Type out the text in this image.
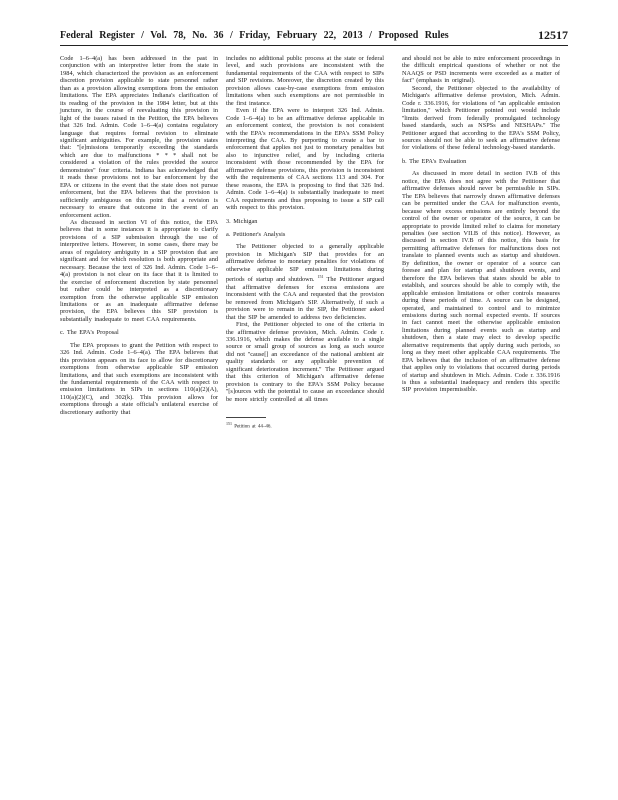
Federal Register / Vol. 78, No. 36 / Friday, February 22, 2013 / Proposed Rules	12517

Code 1–6–4(a) has been addressed in the past in conjunction with an interpretive letter from the state in 1984, which characterized the provision as an enforcement discretion provision applicable to state personnel rather than as a provision allowing exemptions from the emission limitations. The EPA appreciates Indiana's clarification of its reading of the provision in the 1984 letter, but at this juncture, in the course of reevaluating this provision in light of the issues raised in the Petition, the EPA believes that 326 Ind. Admin. Code 1–6–4(a) contains regulatory language that requires formal revision to eliminate significant ambiguities. For example, the provision states that: ''[e]missions temporarily exceeding the standards which are due to malfunctions * * * shall not be considered a violation of the rules provided the source demonstrates'' four criteria. Indiana has acknowledged that it reads these provisions not to bar enforcement by the EPA or citizens in the event that the state does not pursue enforcement, but the EPA believes that the provision is sufficiently ambiguous on this point that a revision is necessary to ensure that outcome in the event of an enforcement action.

As discussed in section VI of this notice, the EPA believes that in some instances it is appropriate to clarify provisions of a SIP submission through the use of interpretive letters. However, in some cases, there may be areas of regulatory ambiguity in a SIP provision that are significant and for which resolution is both appropriate and necessary. Because the text of 326 Ind. Admin. Code 1–6–4(a) provision is not clear on its face that it is limited to the exercise of enforcement discretion by state personnel but rather could be interpreted as a discretionary exemption from the otherwise applicable SIP emission limitations or as an inadequate affirmative defense provision, the EPA believes this SIP provision is substantially inadequate to meet CAA requirements.

c. The EPA's Proposal

The EPA proposes to grant the Petition with respect to 326 Ind. Admin. Code 1–6–4(a). The EPA believes that this provision appears on its face to allow for discretionary exemptions from otherwise applicable SIP emission limitations, and that such exemptions are inconsistent with the fundamental requirements of the CAA with respect to emission limitations in SIPs in sections 110(a)(2)(A), 110(a)(2)(C), and 302(k). This provision allows for exemptions through a state official's unilateral exercise of discretionary authority that

includes no additional public process at the state or federal level, and such provisions are inconsistent with the fundamental requirements of the CAA with respect to SIPs and SIP revisions. Moreover, the discretion created by this provision allows case-by-case exemptions from emission limitations when such exemptions are not permissible in the first instance.

Even if the EPA were to interpret 326 Ind. Admin. Code 1–6–4(a) to be an affirmative defense applicable in an enforcement context, the provision is not consistent with the EPA's recommendations in the EPA's SSM Policy interpreting the CAA. By purporting to create a bar to enforcement that applies not just to monetary penalties but also to injunctive relief, and by including criteria inconsistent with those recommended by the EPA for affirmative defense provisions, this provision is inconsistent with the requirements of CAA sections 113 and 304. For these reasons, the EPA is proposing to find that 326 Ind. Admin. Code 1–6–4(a) is substantially inadequate to meet CAA requirements and thus proposing to issue a SIP call with respect to this provision.

3. Michigan

a. Petitioner's Analysis

The Petitioner objected to a generally applicable provision in Michigan's SIP that provides for an affirmative defense to monetary penalties for violations of otherwise applicable SIP emission limitations during periods of startup and shutdown. $^{151}$ The Petitioner argued that affirmative defenses for excess emissions are inconsistent with the CAA and requested that the provision be removed from Michigan's SIP. Alternatively, if such a provision were to remain in the SIP, the Petitioner asked that the SIP be amended to address two deficiencies.

First, the Petitioner objected to one of the criteria in the affirmative defense provision, Mich. Admin. Code r. 336.1916, which makes the defense available to a single source or small group of sources as long as such source did not ''cause[] an exceedance of the national ambient air quality standards or any applicable prevention of significant deterioration increment.'' The Petitioner argued that this criterion of Michigan's affirmative defense provision is contrary to the EPA's SSM Policy because ''[s]ources with the potential to cause an exceedance should be more strictly controlled at all times

$^{151}$ Petition at 44–46.

and should not be able to mire enforcement proceedings in the difficult empirical questions of whether or not the NAAQS or PSD increments were exceeded as a matter of fact'' (emphasis in original).

Second, the Petitioner objected to the availability of Michigan's affirmative defense provision, Mich. Admin. Code r. 336.1916, for violations of ''an applicable emission limitation,'' which Petitioner pointed out would include ''limits derived from federally promulgated technology based standards, such as NSPSs and NESHAPs.'' The Petitioner argued that according to the EPA's SSM Policy, sources should not be able to seek an affirmative defense for violations of these federal technology-based standards.

b. The EPA's Evaluation

As discussed in more detail in section IV.B of this notice, the EPA does not agree with the Petitioner that affirmative defenses should never be permissible in SIPs. The EPA believes that narrowly drawn affirmative defenses can be permitted under the CAA for malfunction events, because where excess emissions are entirely beyond the control of the owner or operator of the source, it can be appropriate to provide limited relief to claims for monetary penalties (see section VII.B of this notice). However, as discussed in section IV.B of this notice, this basis for permitting affirmative defenses for malfunctions does not translate to planned events such as startup and shutdown. By definition, the owner or operator of a source can foresee and plan for startup and shutdown events, and therefore the EPA believes that states should be able to establish, and sources should be able to comply with, the applicable emission limitations or other controls measures during these periods of time. A source can be designed, operated, and maintained to control and to minimize emissions during such normal expected events. If sources in fact cannot meet the otherwise applicable emission limitations during planned events such as startup and shutdown, then a state may elect to develop specific alternative requirements that apply during such periods, so long as they meet other applicable CAA requirements. The EPA believes that the inclusion of an affirmative defense that applies only to violations that occurred during periods of startup and shutdown in Mich. Admin. Code r. 336.1916 is thus a substantial inadequacy and renders this specific SIP provision impermissible.
